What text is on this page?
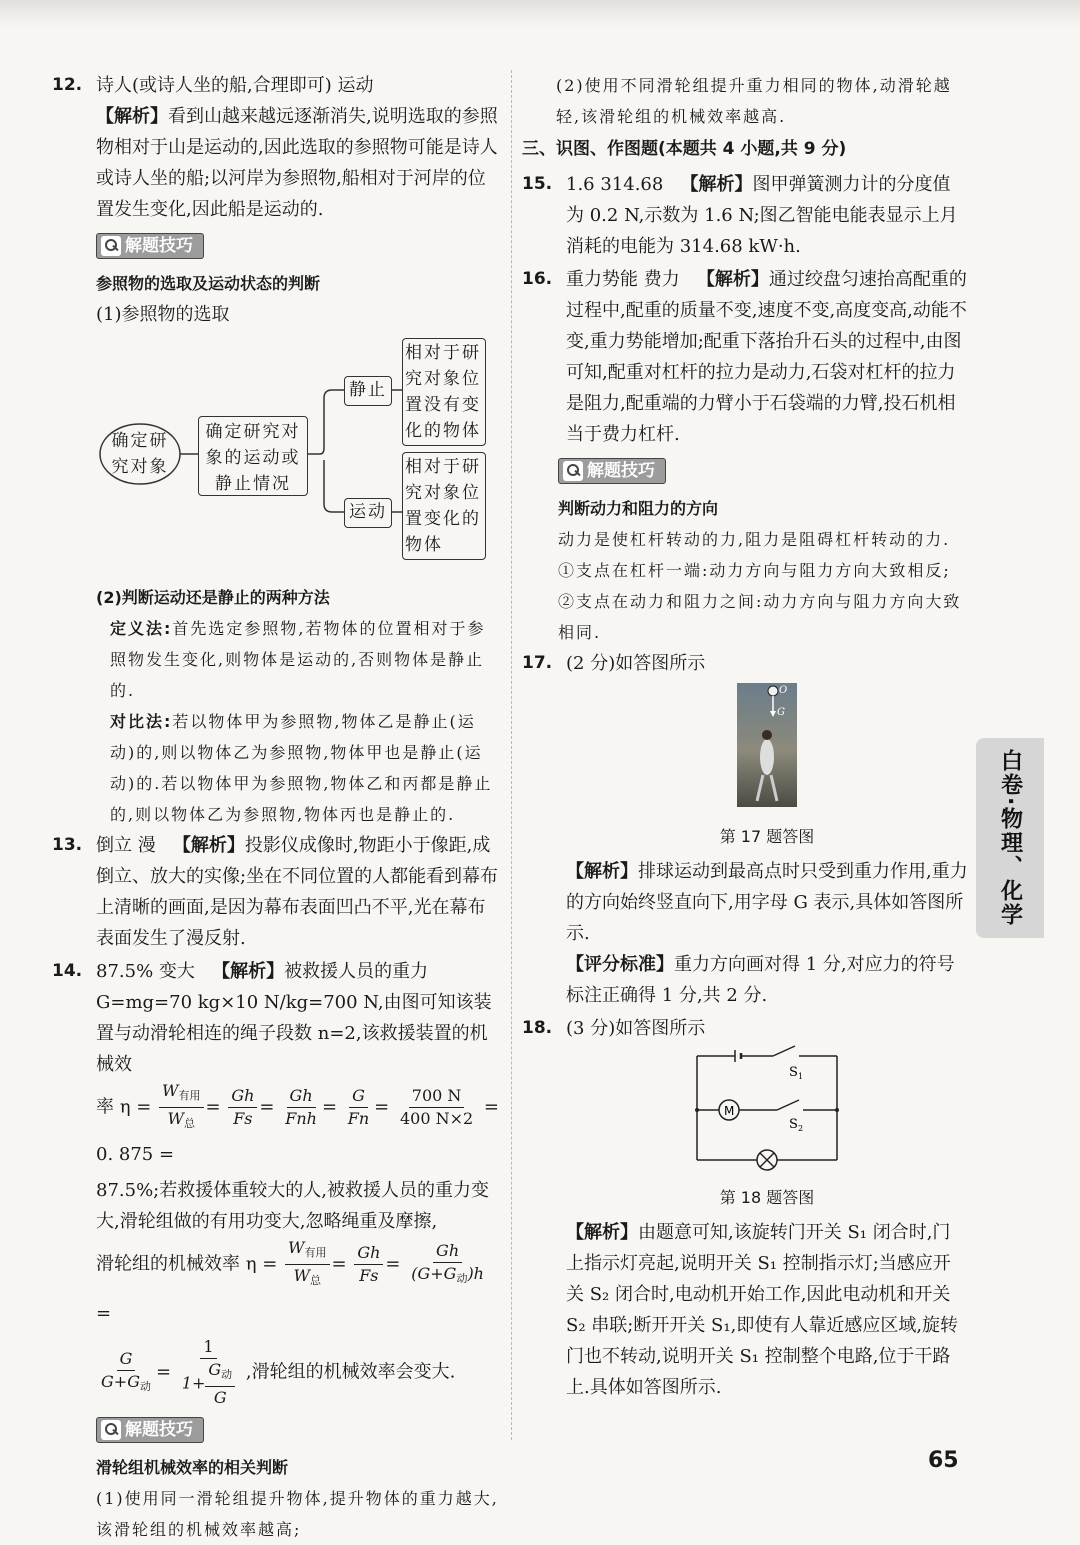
12. 诗人(或诗人坐的船,合理即可) 运动

【解析】看到山越来越远逐渐消失,说明选取的参照物相对于山是运动的,因此选取的参照物可能是诗人或诗人坐的船;以河岸为参照物,船相对于河岸的位置发生变化,因此船是运动的.

解题技巧

参照物的选取及运动状态的判断

(1)参照物的选取

确定研究对象
确定研究对象的运动或静止情况
静止
运动
相对于研究对象位置没有变化的物体
相对于研究对象位置变化的物体

(2)判断运动还是静止的两种方法

定义法:首先选定参照物,若物体的位置相对于参照物发生变化,则物体是运动的,否则物体是静止的.

对比法:若以物体甲为参照物,物体乙是静止(运动)的,则以物体乙为参照物,物体甲也是静止(运动)的.若以物体甲为参照物,物体乙和丙都是静止的,则以物体乙为参照物,物体丙也是静止的.

13. 倒立 漫 【解析】投影仪成像时,物距小于像距,成倒立、放大的实像;坐在不同位置的人都能看到幕布上清晰的画面,是因为幕布表面凹凸不平,光在幕布表面发生了漫反射.

14. 87.5% 变大 【解析】被救援人员的重力 G=mg=70 kg×10 N/kg=700 N,由图可知该装置与动滑轮相连的绳子段数 n=2,该救援装置的机械效

率 $\eta = \frac{\text{W有用}}{\text{W总}} = \frac{Gh}{Fs} = \frac{Gh}{\text{Fnh}} = \frac{G}{Fn} = \frac{700 N}{400 N\times 2} = 0$. 875 =

87.5%;若救援体重较大的人,被救援人员的重力变大,滑轮组做的有用功变大,忽略绳重及摩擦,

滑轮组的机械效率 $\eta = \frac{\text{W有用}}{\text{W总}} = \frac{Gh}{Fs} = \frac{Gh}{\text{(G+G动)h}}$
=

$\frac{G}{\text{G+G动}} = \frac{1}{1+ \frac{\text{G动}}{G}}$ ,滑轮组的机械效率会变大.

解题技巧

滑轮组机械效率的相关判断

(1)使用同一滑轮组提升物体,提升物体的重力越大,该滑轮组的机械效率越高;

(2)使用不同滑轮组提升重力相同的物体,动滑轮越轻,该滑轮组的机械效率越高.

三、识图、作图题(本题共 4 小题,共 9 分)

15. 1.6 314.68 【解析】图甲弹簧测力计的分度值为 0.2 N,示数为 1.6 N;图乙智能电能表显示上月消耗的电能为 314.68 kW·h.

16. 重力势能 费力 【解析】通过绞盘匀速抬高配重的过程中,配重的质量不变,速度不变,高度变高,动能不变,重力势能增加;配重下落抬升石头的过程中,由图可知,配重对杠杆的拉力是动力,石袋对杠杆的拉力是阻力,配重端的力臂小于石袋端的力臂,投石机相当于费力杠杆.

解题技巧

判断动力和阻力的方向

动力是使杠杆转动的力,阻力是阻碍杠杆转动的力.

①支点在杠杆一端:动力方向与阻力方向大致相反;

②支点在动力和阻力之间:动力方向与阻力方向大致相同.

17. (2 分)如答图所示

O
G
第 17 题答图

【解析】排球运动到最高点时只受到重力作用,重力的方向始终竖直向下,用字母 G 表示,具体如答图所示.

【评分标准】重力方向画对得 1 分,对应力的符号标注正确得 1 分,共 2 分.

18. (3 分)如答图所示

S 1
M
S 2
第 18 题答图

【解析】由题意可知,该旋转门开关 S₁ 闭合时,门上指示灯亮起,说明开关 S₁ 控制指示灯;当感应开关 S₂ 闭合时,电动机开始工作,因此电动机和开关 S₂ 串联;断开开关 S₁,即使有人靠近感应区域,旋转门也不转动,说明开关 S₁ 控制整个电路,位于干路上.具体如答图所示.

白卷·物理、化学
65
